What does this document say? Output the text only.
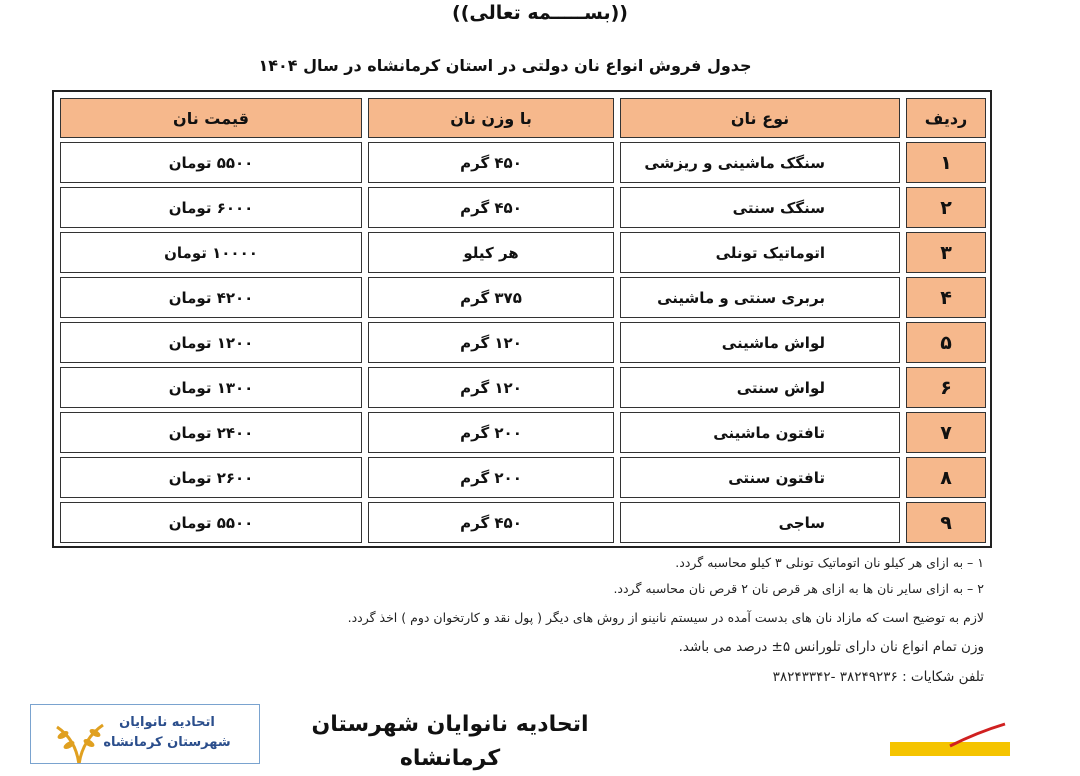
((بســـــمه تعالی))
جدول فروش انواع نان دولتی در استان کرمانشاه در سال ۱۴۰۴
ردیف
نوع نان
با وزن نان
قیمت نان
۱
سنگک ماشینی و ریزشی
۴۵۰ گرم
۵۵۰۰ تومان
۲
سنگک سنتی
۴۵۰ گرم
۶۰۰۰ تومان
۳
اتوماتیک تونلی
هر کیلو
۱۰۰۰۰ تومان
۴
بربری سنتی و ماشینی
۳۷۵ گرم
۴۲۰۰ تومان
۵
لواش ماشینی
۱۲۰ گرم
۱۲۰۰ تومان
۶
لواش سنتی
۱۲۰ گرم
۱۳۰۰ تومان
۷
تافتون ماشینی
۲۰۰ گرم
۲۴۰۰ تومان
۸
تافتون سنتی
۲۰۰ گرم
۲۶۰۰ تومان
۹
ساجی
۴۵۰ گرم
۵۵۰۰ تومان
۱ – به ازای هر کیلو نان اتوماتیک تونلی ۳ کیلو محاسبه گردد.
۲ – به ازای سایر نان ها به ازای هر قرص نان ۲ قرص نان محاسبه گردد.
لازم به توضیح است که مازاد نان های بدست آمده در سیستم نانینو از روش های دیگر ( پول نقد و کارتخوان دوم ) اخذ گردد.
وزن تمام انواع نان دارای تلورانس ۵± درصد می باشد.
تلفن شکایات : ۳۸۲۴۹۲۳۶ -۳۸۲۴۳۳۴۲
اتحادیه نانوایان
شهرستان کرمانشاه
اتحادیه نانوایان شهرستان کرمانشاه
